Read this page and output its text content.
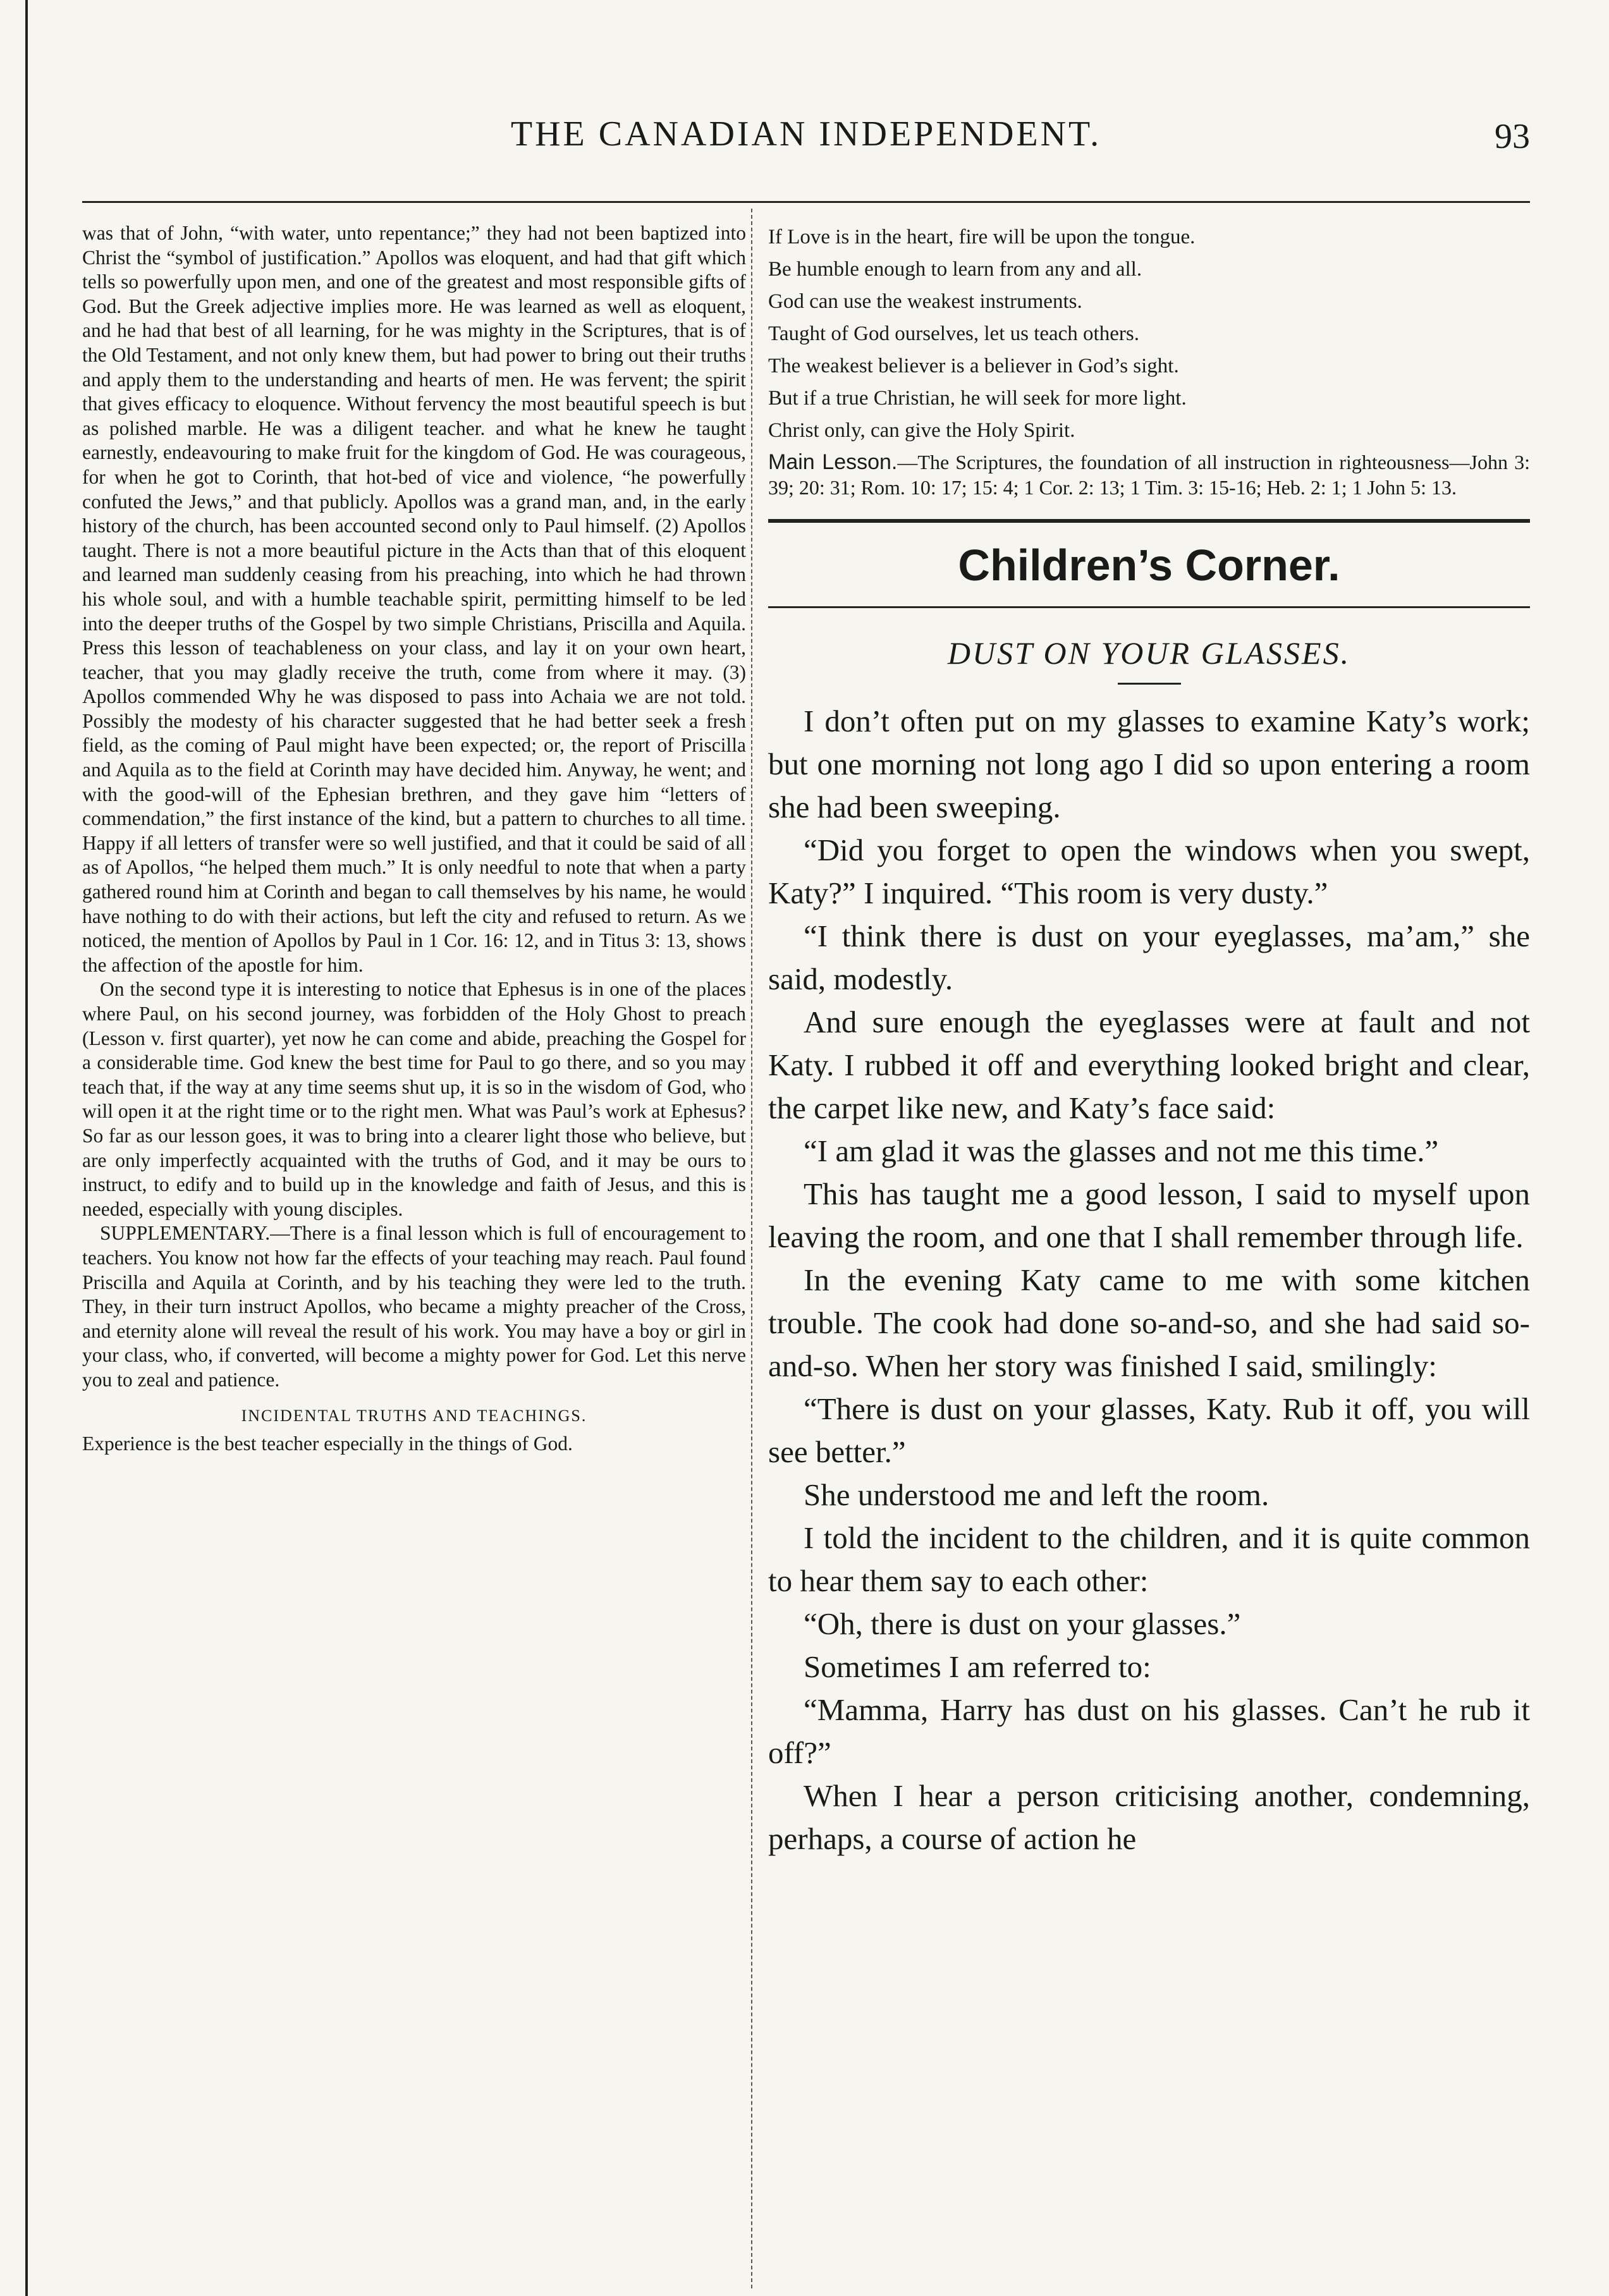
THE CANADIAN INDEPENDENT.	93

was that of John, “with water, unto repentance;” they had not been baptized into Christ the “symbol of justification.” Apollos was eloquent, and had that gift which tells so powerfully upon men, and one of the greatest and most responsible gifts of God. But the Greek adjective implies more. He was learned as well as eloquent, and he had that best of all learning, for he was mighty in the Scriptures, that is of the Old Testament, and not only knew them, but had power to bring out their truths and apply them to the understanding and hearts of men. He was fervent; the spirit that gives efficacy to eloquence. Without fervency the most beautiful speech is but as polished marble. He was a diligent teacher. and what he knew he taught earnestly, endeavouring to make fruit for the kingdom of God. He was courageous, for when he got to Corinth, that hot-bed of vice and violence, “he powerfully confuted the Jews,” and that publicly. Apollos was a grand man, and, in the early history of the church, has been accounted second only to Paul himself. (2) Apollos taught. There is not a more beautiful picture in the Acts than that of this eloquent and learned man suddenly ceasing from his preaching, into which he had thrown his whole soul, and with a humble teachable spirit, permitting himself to be led into the deeper truths of the Gospel by two simple Christians, Priscilla and Aquila. Press this lesson of teachableness on your class, and lay it on your own heart, teacher, that you may gladly receive the truth, come from where it may. (3) Apollos commended Why he was disposed to pass into Achaia we are not told. Possibly the modesty of his character suggested that he had better seek a fresh field, as the coming of Paul might have been expected; or, the report of Priscilla and Aquila as to the field at Corinth may have decided him. Anyway, he went; and with the good-will of the Ephesian brethren, and they gave him “letters of commendation,” the first instance of the kind, but a pattern to churches to all time. Happy if all letters of transfer were so well justified, and that it could be said of all as of Apollos, “he helped them much.” It is only needful to note that when a party gathered round him at Corinth and began to call themselves by his name, he would have nothing to do with their actions, but left the city and refused to return. As we noticed, the mention of Apollos by Paul in 1 Cor. 16: 12, and in Titus 3: 13, shows the affection of the apostle for him.

On the second type it is interesting to notice that Ephesus is in one of the places where Paul, on his second journey, was forbidden of the Holy Ghost to preach (Lesson v. first quarter), yet now he can come and abide, preaching the Gospel for a considerable time. God knew the best time for Paul to go there, and so you may teach that, if the way at any time seems shut up, it is so in the wisdom of God, who will open it at the right time or to the right men. What was Paul’s work at Ephesus? So far as our lesson goes, it was to bring into a clearer light those who believe, but are only imperfectly acquainted with the truths of God, and it may be ours to instruct, to edify and to build up in the knowledge and faith of Jesus, and this is needed, especially with young disciples.

SUPPLEMENTARY.—There is a final lesson which is full of encouragement to teachers. You know not how far the effects of your teaching may reach. Paul found Priscilla and Aquila at Corinth, and by his teaching they were led to the truth. They, in their turn instruct Apollos, who became a mighty preacher of the Cross, and eternity alone will reveal the result of his work. You may have a boy or girl in your class, who, if converted, will become a mighty power for God. Let this nerve you to zeal and patience.

INCIDENTAL TRUTHS AND TEACHINGS.

Experience is the best teacher especially in the things of God.

If Love is in the heart, fire will be upon the tongue.
Be humble enough to learn from any and all.
God can use the weakest instruments.
Taught of God ourselves, let us teach others.
The weakest believer is a believer in God’s sight.
But if a true Christian, he will seek for more light.
Christ only, can give the Holy Spirit.
Main Lesson.—The Scriptures, the foundation of all instruction in righteousness—John 3: 39; 20: 31; Rom. 10: 17; 15: 4; 1 Cor. 2: 13; 1 Tim. 3: 15-16; Heb. 2: 1; 1 John 5: 13.
Children’s Corner.
DUST ON YOUR GLASSES.

I don’t often put on my glasses to examine Katy’s work; but one morning not long ago I did so upon entering a room she had been sweeping.

“Did you forget to open the windows when you swept, Katy?” I inquired. “This room is very dusty.”

“I think there is dust on your eyeglasses, ma’am,” she said, modestly.

And sure enough the eyeglasses were at fault and not Katy. I rubbed it off and everything looked bright and clear, the carpet like new, and Katy’s face said:

“I am glad it was the glasses and not me this time.”

This has taught me a good lesson, I said to myself upon leaving the room, and one that I shall remember through life.

In the evening Katy came to me with some kitchen trouble. The cook had done so-and-so, and she had said so-and-so. When her story was finished I said, smilingly:

“There is dust on your glasses, Katy. Rub it off, you will see better.”

She understood me and left the room.

I told the incident to the children, and it is quite common to hear them say to each other:

“Oh, there is dust on your glasses.”

Sometimes I am referred to:

“Mamma, Harry has dust on his glasses. Can’t he rub it off?”

When I hear a person criticising another, condemning, perhaps, a course of action he
